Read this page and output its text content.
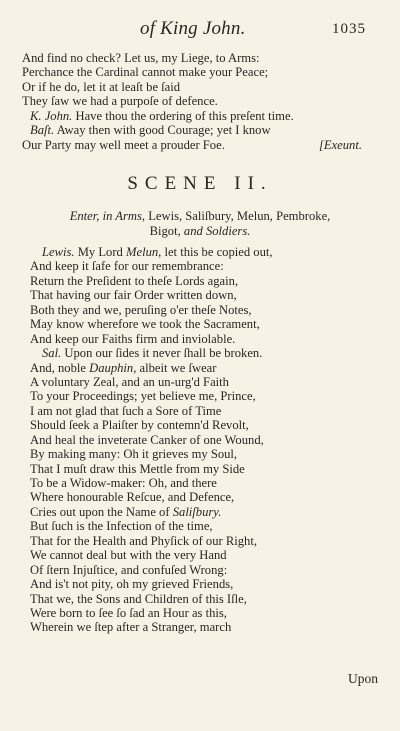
of King John.	1035
And find no check? Let us, my Liege, to Arms:
Perchance the Cardinal cannot make your Peace;
Or if he do, let it at leaſt be ſaid
They ſaw we had a purpoſe of defence.
K. John. Have thou the ordering of this preſent time.
Baſt. Away then with good Courage; yet I know
Our Party may well meet a prouder Foe.	[Exeunt.
SCENE II.
Enter, in Arms, Lewis, Saliſbury, Melun, Pembroke,
Bigot, and Soldiers.
Lewis. My Lord Melun, let this be copied out,
And keep it ſafe for our remembrance:
Return the Preſident to theſe Lords again,
That having our fair Order written down,
Both they and we, peruſing o'er theſe Notes,
May know wherefore we took the Sacrament,
And keep our Faiths firm and inviolable.
Sal. Upon our ſides it never ſhall be broken.
And, noble Dauphin, albeit we ſwear
A voluntary Zeal, and an un-urg'd Faith
To your Proceedings; yet believe me, Prince,
I am not glad that ſuch a Sore of Time
Should ſeek a Plaiſter by contemn'd Revolt,
And heal the inveterate Canker of one Wound,
By making many: Oh it grieves my Soul,
That I muſt draw this Mettle from my Side
To be a Widow-maker: Oh, and there
Where honourable Reſcue, and Defence,
Cries out upon the Name of Saliſbury.
But ſuch is the Infection of the time,
That for the Health and Phyſick of our Right,
We cannot deal but with the very Hand
Of ſtern Injuſtice, and confuſed Wrong:
And is't not pity, oh my grieved Friends,
That we, the Sons and Children of this Iſle,
Were born to ſee ſo ſad an Hour as this,
Wherein we ſtep after a Stranger, march
Upon
